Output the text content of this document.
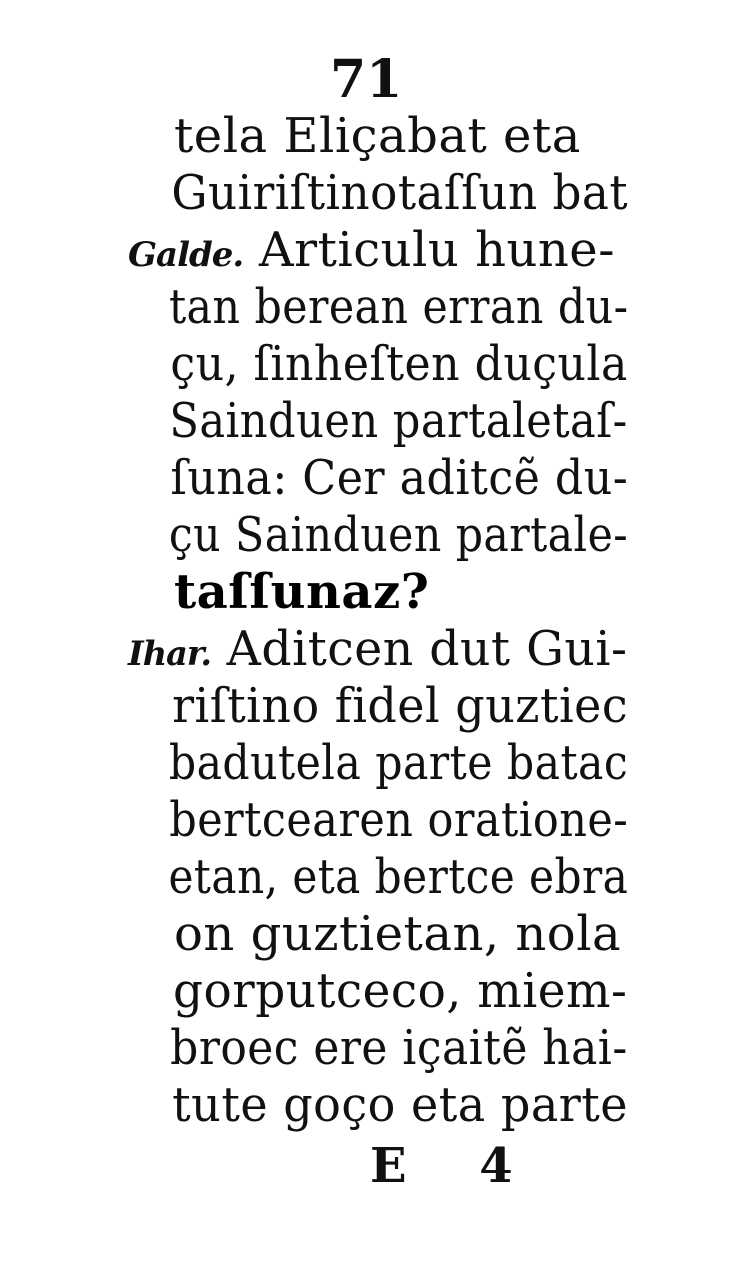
71
tela Eliçabat eta
Guiriſtinotaſſun bat
Galde. Articulu hune-
tan berean erran du-
çu, ſinheſten duçula
Sainduen partaletaſ-
ſuna: Cer aditcẽ du-
çu Sainduen partale-
taſſunaz?
Ihar. Aditcen dut Gui-
riſtino fidel guztiec
badutela parte batac
bertcearen oratione-
etan, eta bertce ebra
on guztietan, nola
gorputceco, miem-
broec ere içaitẽ hai-
tute goço eta parte
E 4
